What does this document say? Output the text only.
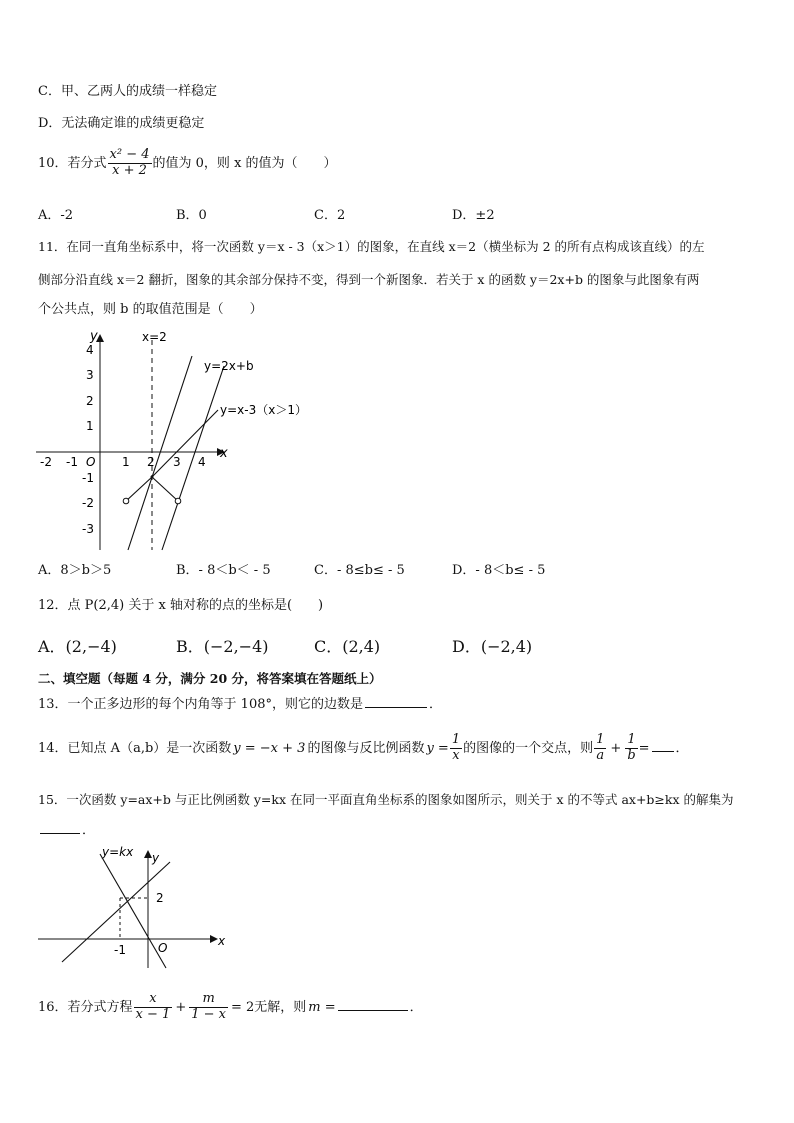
C．甲、乙两人的成绩一样稳定
D．无法确定谁的成绩更稳定
10．若分式 $\frac{\text{x² − 4}}{x + 2}$ 的值为 0，则 x 的值为（　　）
A．-2	B．0	C．2	D．±2
11．在同一直角坐标系中，将一次函数 y＝x - 3（x＞1）的图象，在直线 x＝2（横坐标为 2 的所有点构成该直线）的左
侧部分沿直线 x＝2 翻折，图象的其余部分保持不变，得到一个新图象．若关于 x 的函数 y＝2x+b 的图象与此图象有两
个公共点，则 b 的取值范围是（　　）
y
x
O
x=2
y=2x+b
y=x-3（x＞1）
-2 -1	1 2 3 4
4
3
2
1
-1
-2
-3
A．8＞b＞5	B．- 8＜b＜ - 5	C．- 8≤b≤ - 5	D．- 8＜b≤ - 5
12．点 P(2,4) 关于 x 轴对称的点的坐标是(　　)
A．(2,−4)	B．(−2,−4)	C．(2,4)	D．(−2,4)
二、填空题（每题 4 分，满分 20 分，将答案填在答题纸上）
13．一个正多边形的每个内角等于 108°，则它的边数是	．
14．已知点 A（a,b）是一次函数 y = −x + 3 的图像与反比例函数 $y = \frac{1}{x}$ 的图像的一个交点，则 $\frac{1}{a} + \frac{1}{b}$ = ．
15．一次函数 y=ax+b 与正比例函数 y=kx 在同一平面直角坐标系的图象如图所示，则关于 x 的不等式 ax+b≥kx 的解集为
．
y=kx y
2
-1	O	x
16．若分式方程 $\frac{x}{x - 1} + \frac{m}{1 - x} = 2$ 无解，则 m =	．
